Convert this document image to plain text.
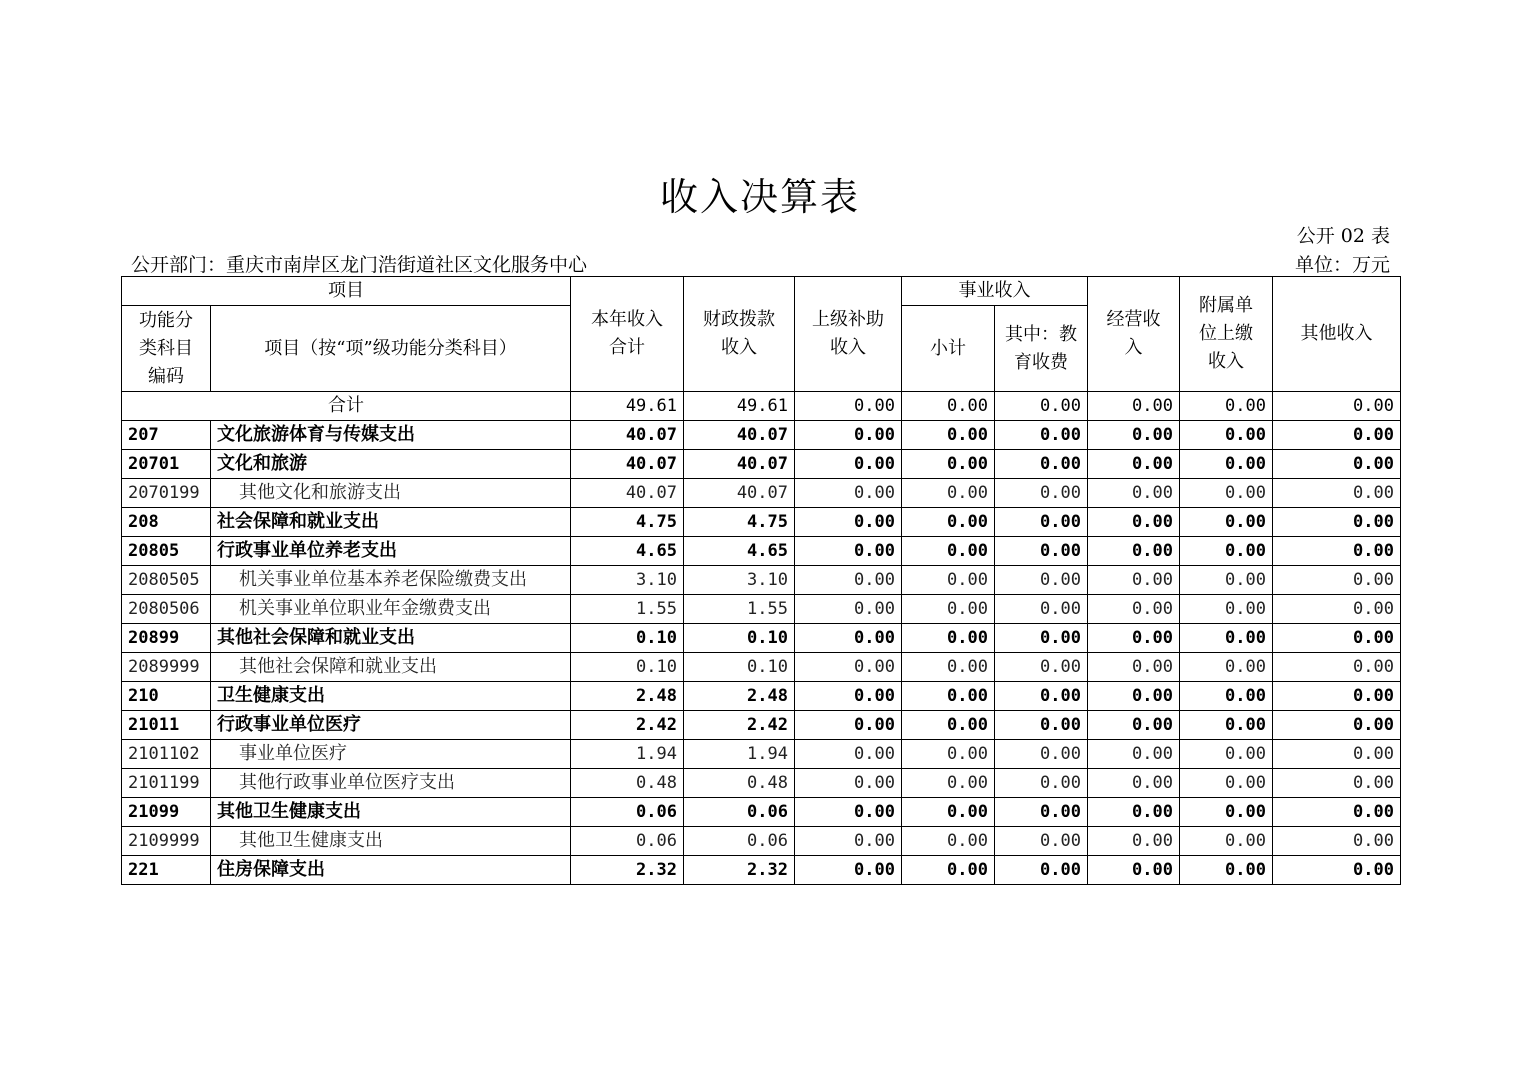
收入决算表
公开 02 表
公开部门：重庆市南岸区龙门浩街道社区文化服务中心	单位：万元
项目		本年收入合计	财政拨款收入	上级补助收入	事业收入		经营收入	附属单位上缴收入	其他收入
功能分类科目编码	项目（按“项”级功能分类科目）				小计	其中：教育收费			
合计		49.61	49.61	0.00	0.00	0.00	0.00	0.00	0.00
207	文化旅游体育与传媒支出	40.07	40.07	0.00	0.00	0.00	0.00	0.00	0.00
20701	文化和旅游	40.07	40.07	0.00	0.00	0.00	0.00	0.00	0.00
2070199	其他文化和旅游支出	40.07	40.07	0.00	0.00	0.00	0.00	0.00	0.00
208	社会保障和就业支出	4.75	4.75	0.00	0.00	0.00	0.00	0.00	0.00
20805	行政事业单位养老支出	4.65	4.65	0.00	0.00	0.00	0.00	0.00	0.00
2080505	机关事业单位基本养老保险缴费支出	3.10	3.10	0.00	0.00	0.00	0.00	0.00	0.00
2080506	机关事业单位职业年金缴费支出	1.55	1.55	0.00	0.00	0.00	0.00	0.00	0.00
20899	其他社会保障和就业支出	0.10	0.10	0.00	0.00	0.00	0.00	0.00	0.00
2089999	其他社会保障和就业支出	0.10	0.10	0.00	0.00	0.00	0.00	0.00	0.00
210	卫生健康支出	2.48	2.48	0.00	0.00	0.00	0.00	0.00	0.00
21011	行政事业单位医疗	2.42	2.42	0.00	0.00	0.00	0.00	0.00	0.00
2101102	事业单位医疗	1.94	1.94	0.00	0.00	0.00	0.00	0.00	0.00
2101199	其他行政事业单位医疗支出	0.48	0.48	0.00	0.00	0.00	0.00	0.00	0.00
21099	其他卫生健康支出	0.06	0.06	0.00	0.00	0.00	0.00	0.00	0.00
2109999	其他卫生健康支出	0.06	0.06	0.00	0.00	0.00	0.00	0.00	0.00
221	住房保障支出	2.32	2.32	0.00	0.00	0.00	0.00	0.00	0.00
